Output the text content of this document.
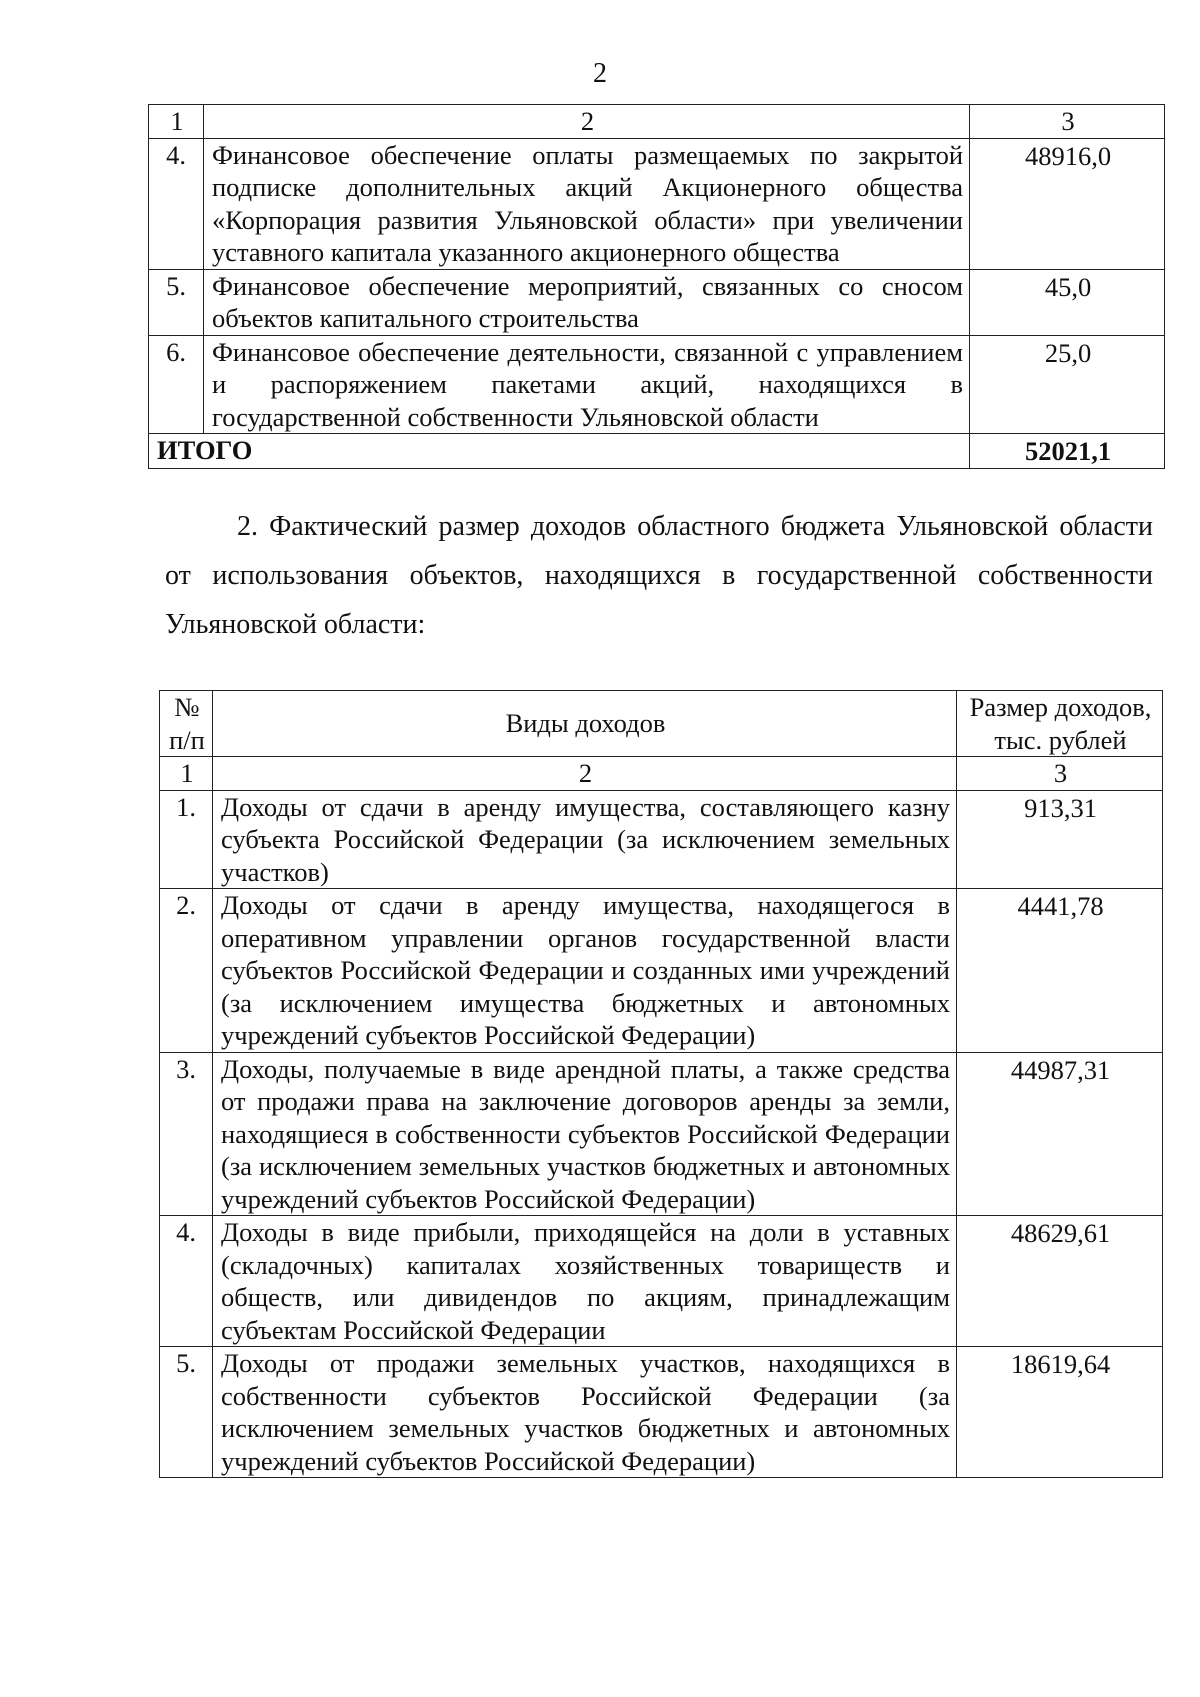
2
1	2	3
4.	Финансовое обеспечение оплаты размещаемых по закрытой подписке дополнительных акций Акционерного общества «Корпорация развития Ульяновской области» при увеличении уставного капитала указанного акционерного общества	48916,0
5.	Финансовое обеспечение мероприятий, связанных со сносом объектов капитального строительства	45,0
6.	Финансовое обеспечение деятельности, связанной с управлением и распоряжением пакетами акций, находящихся в государственной собственности Ульяновской области	25,0
ИТОГО		52021,1
2. Фактический размер доходов областного бюджета Ульяновской области от использования объектов, находящихся в государственной собственности Ульяновской области:
№ п/п	Виды доходов	Размер доходов, тыс. рублей
1	2	3
1.	Доходы от сдачи в аренду имущества, составляющего казну субъекта Российской Федерации (за исключением земельных участков)	913,31
2.	Доходы от сдачи в аренду имущества, находящегося в оперативном управлении органов государственной власти субъектов Российской Федерации и созданных ими учреждений (за исключением имущества бюджетных и автономных учреждений субъектов Российской Федерации)	4441,78
3.	Доходы, получаемые в виде арендной платы, а также средства от продажи права на заключение договоров аренды за земли, находящиеся в собственности субъектов Российской Федерации (за исключением земельных участков бюджетных и автономных учреждений субъектов Российской Федерации)	44987,31
4.	Доходы в виде прибыли, приходящейся на доли в уставных (складочных) капиталах хозяйственных товариществ и обществ, или дивидендов по акциям, принадлежащим субъектам Российской Федерации	48629,61
5.	Доходы от продажи земельных участков, находящихся в собственности субъектов Российской Федерации (за исключением земельных участков бюджетных и автономных учреждений субъектов Российской Федерации)	18619,64
